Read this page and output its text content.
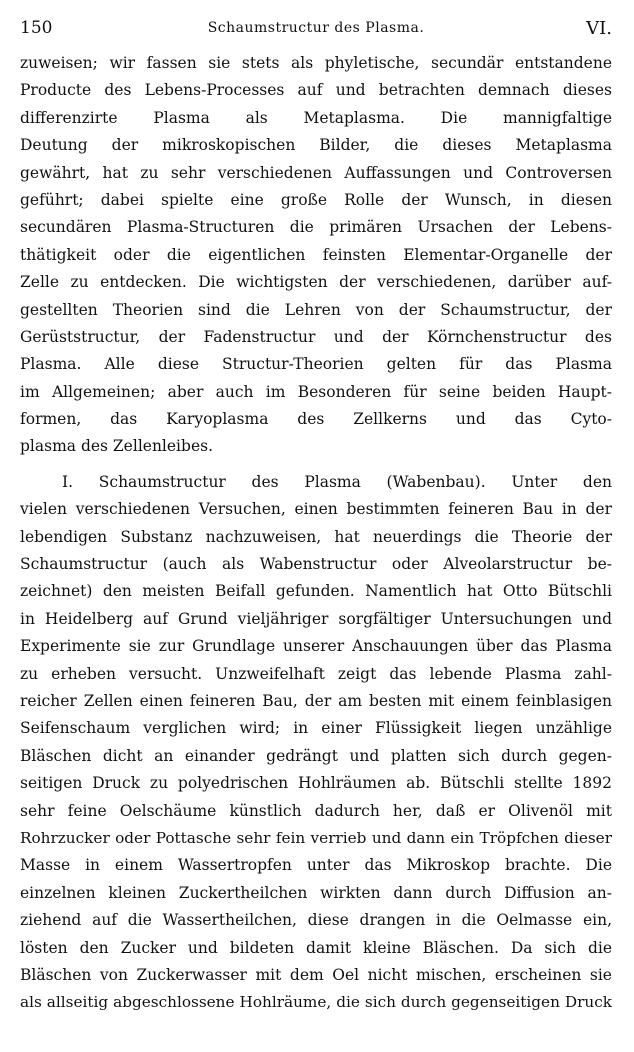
150	Schaumstructur des Plasma.	VI.
zuweisen; wir fassen sie stets als phyletische, secundär entstandene
Producte des Lebens-Processes auf und betrachten demnach dieses
differenzirte Plasma als Metaplasma. Die mannigfaltige
Deutung der mikroskopischen Bilder, die dieses Metaplasma
gewährt, hat zu sehr verschiedenen Auffassungen und Controversen
geführt; dabei spielte eine große Rolle der Wunsch, in diesen
secundären Plasma-Structuren die primären Ursachen der Lebens-
thätigkeit oder die eigentlichen feinsten Elementar-Organelle der
Zelle zu entdecken. Die wichtigsten der verschiedenen, darüber auf-
gestellten Theorien sind die Lehren von der Schaumstructur, der
Gerüststructur, der Fadenstructur und der Körnchenstructur des
Plasma. Alle diese Structur-Theorien gelten für das Plasma
im Allgemeinen; aber auch im Besonderen für seine beiden Haupt-
formen, das Karyoplasma des Zellkerns und das Cyto-
plasma des Zellenleibes.
I. Schaumstructur des Plasma (Wabenbau). Unter den
vielen verschiedenen Versuchen, einen bestimmten feineren Bau in der
lebendigen Substanz nachzuweisen, hat neuerdings die Theorie der
Schaumstructur (auch als Wabenstructur oder Alveolarstructur be-
zeichnet) den meisten Beifall gefunden. Namentlich hat Otto Bütschli
in Heidelberg auf Grund vieljähriger sorgfältiger Untersuchungen und
Experimente sie zur Grundlage unserer Anschauungen über das Plasma
zu erheben versucht. Unzweifelhaft zeigt das lebende Plasma zahl-
reicher Zellen einen feineren Bau, der am besten mit einem feinblasigen
Seifenschaum verglichen wird; in einer Flüssigkeit liegen unzählige
Bläschen dicht an einander gedrängt und platten sich durch gegen-
seitigen Druck zu polyedrischen Hohlräumen ab. Bütschli stellte 1892
sehr feine Oelschäume künstlich dadurch her, daß er Olivenöl mit
Rohrzucker oder Pottasche sehr fein verrieb und dann ein Tröpfchen dieser
Masse in einem Wassertropfen unter das Mikroskop brachte. Die
einzelnen kleinen Zuckertheilchen wirkten dann durch Diffusion an-
ziehend auf die Wassertheilchen, diese drangen in die Oelmasse ein,
lösten den Zucker und bildeten damit kleine Bläschen. Da sich die
Bläschen von Zuckerwasser mit dem Oel nicht mischen, erscheinen sie
als allseitig abgeschlossene Hohlräume, die sich durch gegenseitigen Druck
